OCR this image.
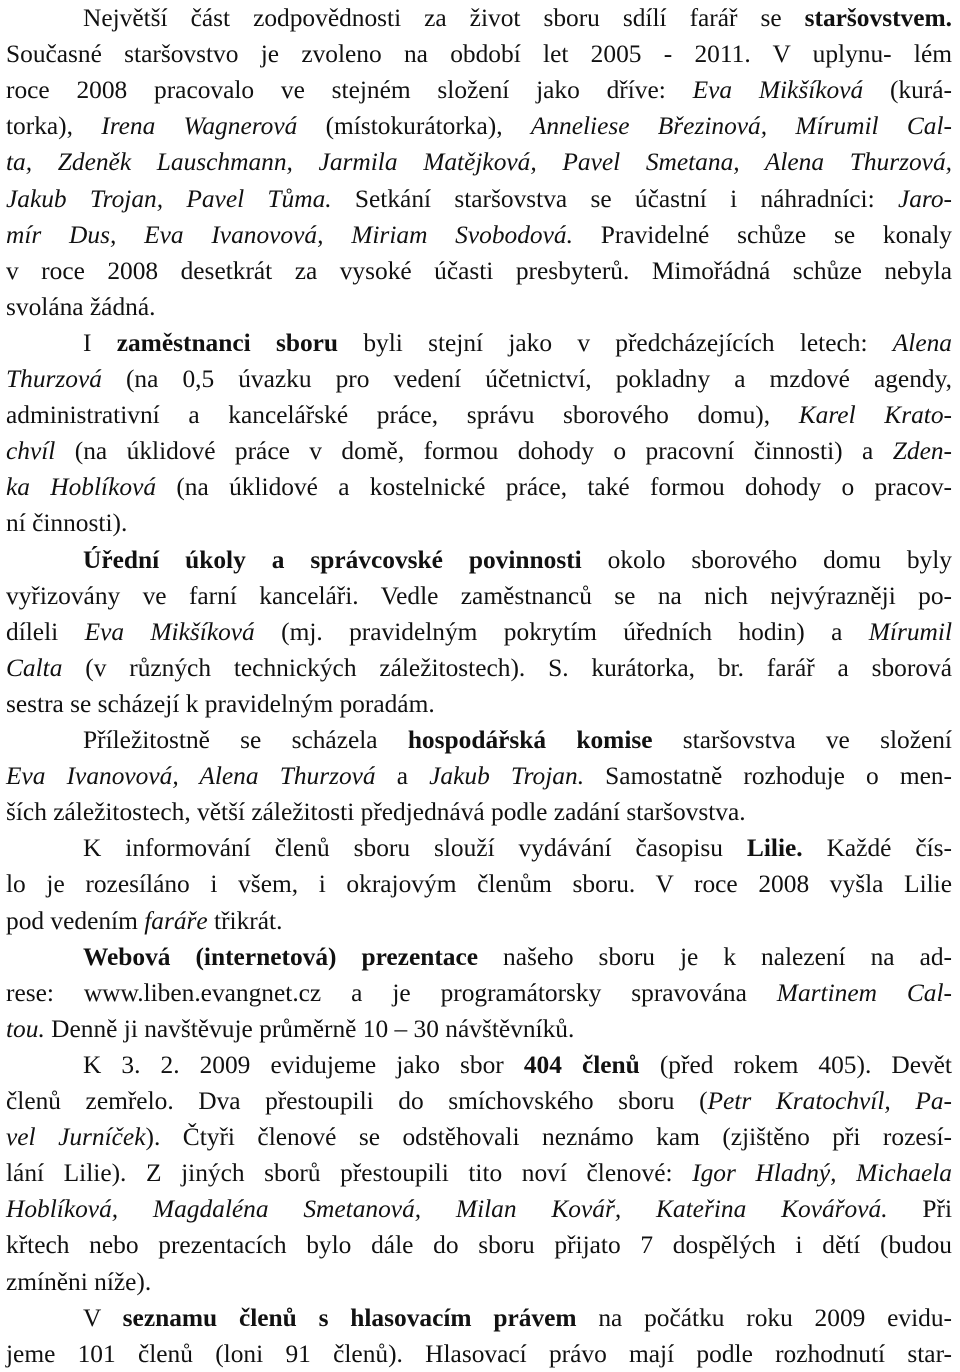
Největší část zodpovědnosti za život sboru sdílí farář se staršovstvem.
Současné staršovstvo je zvoleno na období let 2005 - 2011. V uplynu- lém
roce 2008 pracovalo ve stejném složení jako dříve: Eva Mikšíková (kurá-
torka), Irena Wagnerová (místokurátorka), Anneliese Březinová, Mírumil Cal-
ta, Zdeněk Lauschmann, Jarmila Matějková, Pavel Smetana, Alena Thurzová,
Jakub Trojan, Pavel Tůma. Setkání staršovstva se účastní i náhradníci: Jaro-
mír Dus, Eva Ivanovová, Miriam Svobodová. Pravidelné schůze se konaly
v roce 2008 desetkrát za vysoké účasti presbyterů. Mimořádná schůze nebyla
svolána žádná.
I zaměstnanci sboru byli stejní jako v předcházejících letech: Alena
Thurzová (na 0,5 úvazku pro vedení účetnictví, pokladny a mzdové agendy,
administrativní a kancelářské práce, správu sborového domu), Karel Krato-
chvíl (na úklidové práce v domě, formou dohody o pracovní činnosti) a Zden-
ka Hoblíková (na úklidové a kostelnické práce, také formou dohody o pracov-
ní činnosti).
Úřední úkoly a správcovské povinnosti okolo sborového domu byly
vyřizovány ve farní kanceláři. Vedle zaměstnanců se na nich nejvýrazněji po-
díleli Eva Mikšíková (mj. pravidelným pokrytím úředních hodin) a Mírumil
Calta (v různých technických záležitostech). S. kurátorka, br. farář a sborová
sestra se scházejí k pravidelným poradám.
Příležitostně se scházela hospodářská komise staršovstva ve složení
Eva Ivanovová, Alena Thurzová a Jakub Trojan. Samostatně rozhoduje o men-
ších záležitostech, větší záležitosti předjednává podle zadání staršovstva.
K informování členů sboru slouží vydávání časopisu Lilie. Každé čís-
lo je rozesíláno i všem, i okrajovým členům sboru. V roce 2008 vyšla Lilie
pod vedením faráře třikrát.
Webová (internetová) prezentace našeho sboru je k nalezení na ad-
rese: www.liben.evangnet.cz a je programátorsky spravována Martinem Cal-
tou. Denně ji navštěvuje průměrně 10 – 30 návštěvníků.
K 3. 2. 2009 evidujeme jako sbor 404 členů (před rokem 405). Devět
členů zemřelo. Dva přestoupili do smíchovského sboru (Petr Kratochvíl, Pa-
vel Jurníček). Čtyři členové se odstěhovali neznámo kam (zjištěno při rozesí-
lání Lilie). Z jiných sborů přestoupili tito noví členové: Igor Hladný, Michaela
Hoblíková, Magdaléna Smetanová, Milan Kovář, Kateřina Kovářová. Při
křtech nebo prezentacích bylo dále do sboru přijato 7 dospělých i dětí (budou
zmíněni níže).
V seznamu členů s hlasovacím právem na počátku roku 2009 evidu-
jeme 101 členů (loni 91 členů). Hlasovací právo mají podle rozhodnutí star-
